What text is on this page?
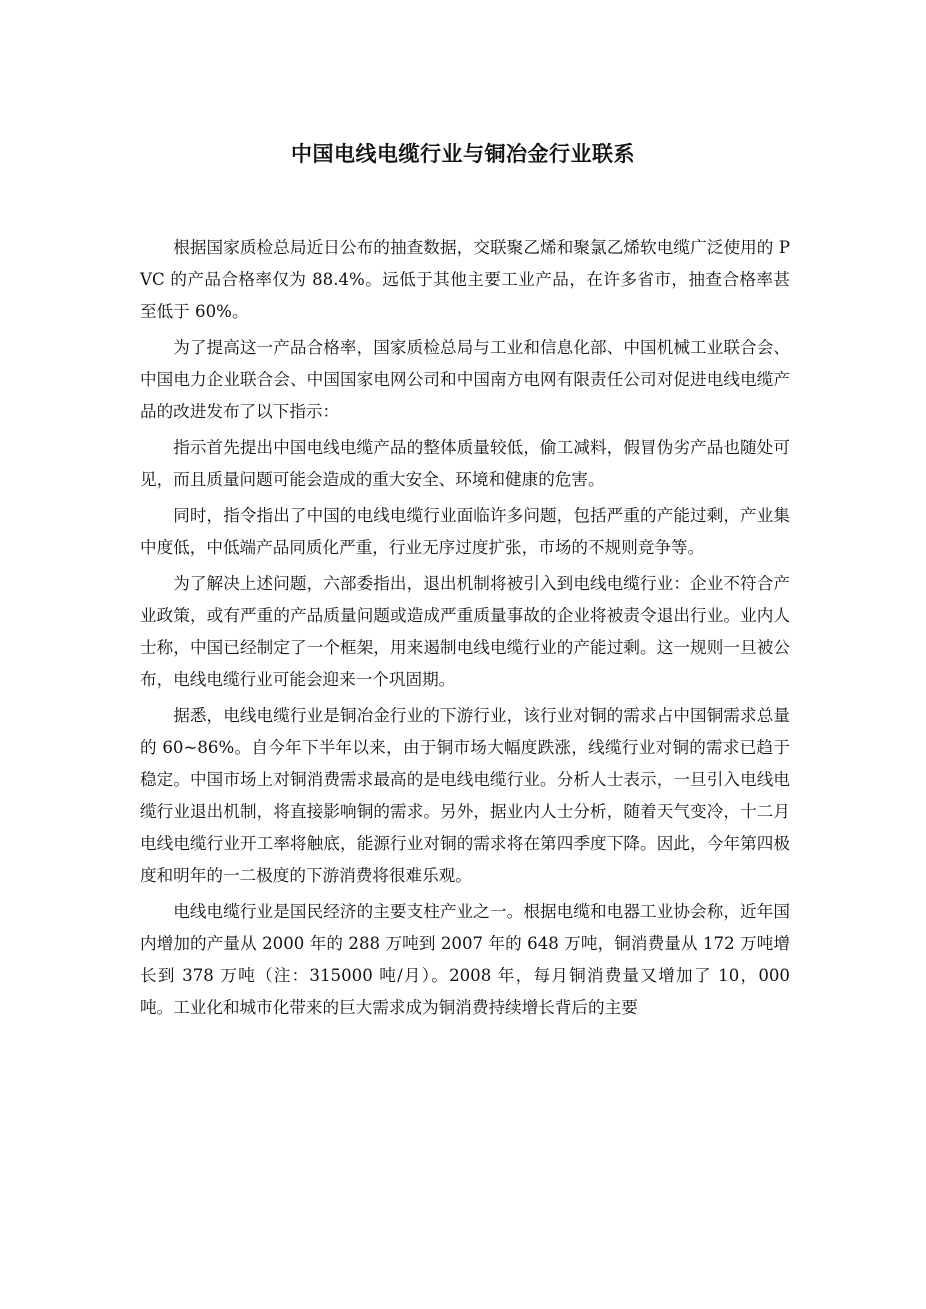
中国电线电缆行业与铜冶金行业联系

根据国家质检总局近日公布的抽查数据，交联聚乙烯和聚氯乙烯软电缆广泛使用的 PVC 的产品合格率仅为 88.4%。远低于其他主要工业产品，在许多省市，抽查合格率甚至低于 60%。

为了提高这一产品合格率，国家质检总局与工业和信息化部、中国机械工业联合会、中国电力企业联合会、中国国家电网公司和中国南方电网有限责任公司对促进电线电缆产品的改进发布了以下指示：

指示首先提出中国电线电缆产品的整体质量较低，偷工减料，假冒伪劣产品也随处可见，而且质量问题可能会造成的重大安全、环境和健康的危害。

同时，指令指出了中国的电线电缆行业面临许多问题，包括严重的产能过剩，产业集中度低，中低端产品同质化严重，行业无序过度扩张，市场的不规则竞争等。

为了解决上述问题，六部委指出，退出机制将被引入到电线电缆行业：企业不符合产业政策，或有严重的产品质量问题或造成严重质量事故的企业将被责令退出行业。业内人士称，中国已经制定了一个框架，用来遏制电线电缆行业的产能过剩。这一规则一旦被公布，电线电缆行业可能会迎来一个巩固期。

据悉，电线电缆行业是铜冶金行业的下游行业，该行业对铜的需求占中国铜需求总量的 60~86%。自今年下半年以来，由于铜市场大幅度跌涨，线缆行业对铜的需求已趋于稳定。中国市场上对铜消费需求最高的是电线电缆行业。分析人士表示，一旦引入电线电缆行业退出机制，将直接影响铜的需求。另外，据业内人士分析，随着天气变冷，十二月电线电缆行业开工率将触底，能源行业对铜的需求将在第四季度下降。因此，今年第四极度和明年的一二极度的下游消费将很难乐观。

电线电缆行业是国民经济的主要支柱产业之一。根据电缆和电器工业协会称，近年国内增加的产量从 2000 年的 288 万吨到 2007 年的 648 万吨，铜消费量从 172 万吨增长到 378 万吨（注：315000 吨/月）。2008 年，每月铜消费量又增加了 10，000 吨。工业化和城市化带来的巨大需求成为铜消费持续增长背后的主要
